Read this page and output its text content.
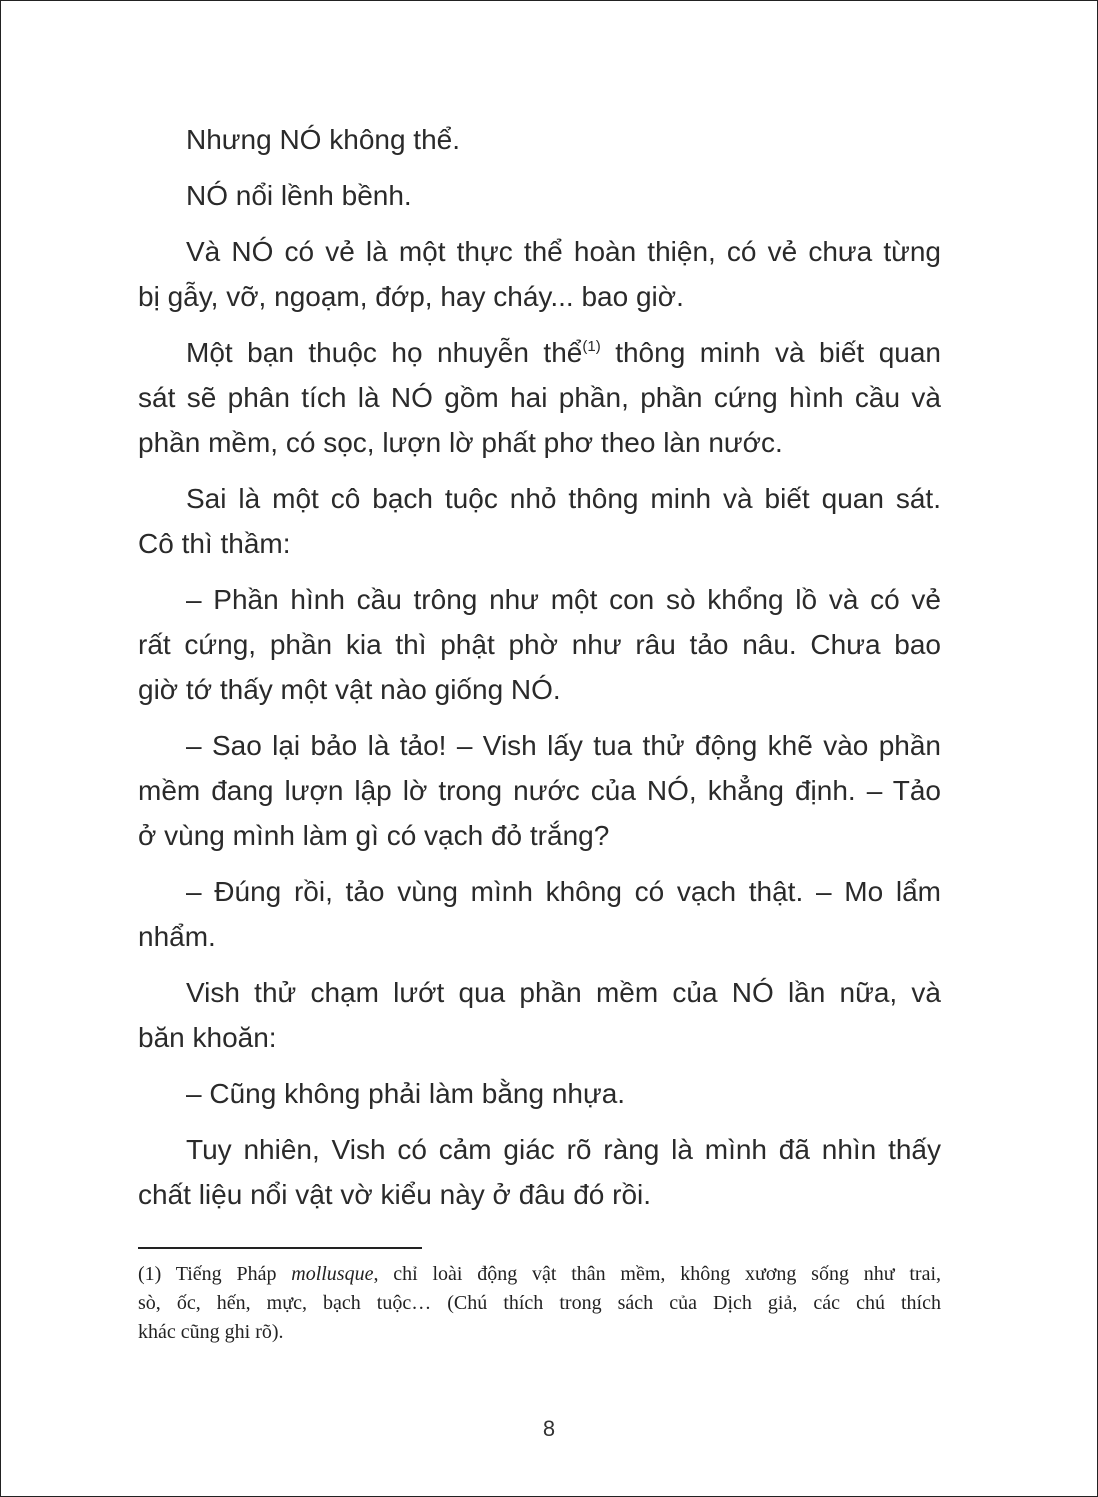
Nhưng NÓ không thể.

NÓ nổi lềnh bềnh.

Và NÓ có vẻ là một thực thể hoàn thiện, có vẻ chưa từng
bị gẫy, vỡ, ngoạm, đớp, hay cháy... bao giờ.

Một bạn thuộc họ nhuyễn thể$^{(1)}$ thông minh và biết quan
sát sẽ phân tích là NÓ gồm hai phần, phần cứng hình cầu và
phần mềm, có sọc, lượn lờ phất phơ theo làn nước.

Sai là một cô bạch tuộc nhỏ thông minh và biết quan sát.
Cô thì thầm:

– Phần hình cầu trông như một con sò khổng lồ và có vẻ
rất cứng, phần kia thì phật phờ như râu tảo nâu. Chưa bao
giờ tớ thấy một vật nào giống NÓ.

– Sao lại bảo là tảo! – Vish lấy tua thử động khẽ vào phần
mềm đang lượn lập lờ trong nước của NÓ, khẳng định. – Tảo
ở vùng mình làm gì có vạch đỏ trắng?

– Đúng rồi, tảo vùng mình không có vạch thật. – Mo lẩm
nhẩm.

Vish thử chạm lướt qua phần mềm của NÓ lần nữa, và
băn khoăn:

– Cũng không phải làm bằng nhựa.

Tuy nhiên, Vish có cảm giác rõ ràng là mình đã nhìn thấy
chất liệu nổi vật vờ kiểu này ở đâu đó rồi.

(1) Tiếng Pháp mollusque, chỉ loài động vật thân mềm, không xương sống như trai,
sò, ốc, hến, mực, bạch tuộc… (Chú thích trong sách của Dịch giả, các chú thích
khác cũng ghi rõ).
8
